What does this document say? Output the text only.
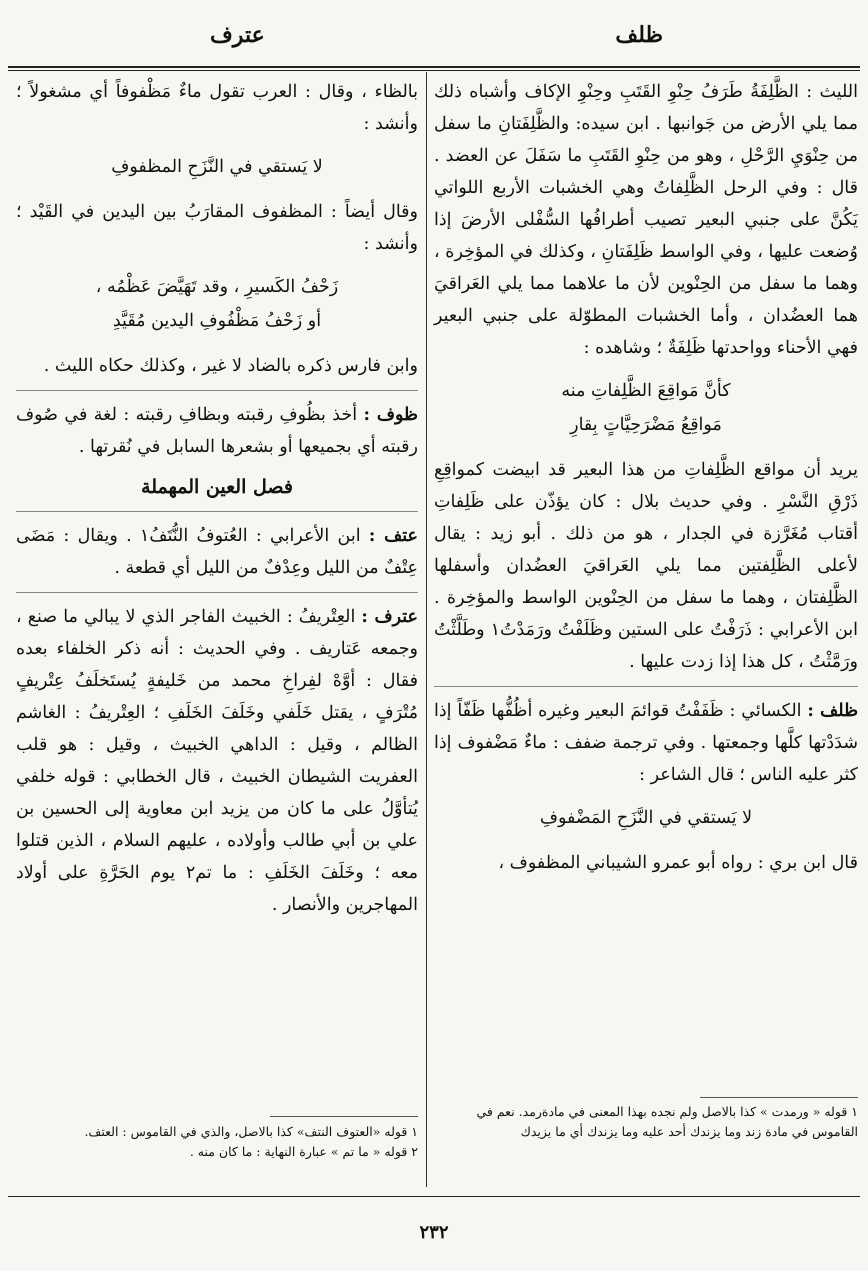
ظلف
عترف

الليث : الظَّلِفَةُ طَرَفُ حِنْوِ القَتَبِ وحِنْوِ الإكاف وأشباه ذلك مما يلي الأرض من جَوانبها . ابن سيده: والظَّلِفَتانِ ما سفل من حِنْوَيِ الرَّحْلِ ، وهو من حِنْوِ القَتَبِ ما سَفَلَ عن العضد . قال : وفي الرحل الظَّلِفاتُ وهي الخشبات الأربع اللواتي يَكُنَّ على جنبي البعير تصيب أطرافُها السُّفْلى الأرضَ إذا وُضعت عليها ، وفي الواسط ظَلِفَتانِ ، وكذلك في المؤخِرة ، وهما ما سفل من الحِنْوين لأن ما علاهما مما يلي العَراقيَ هما العضُدان ، وأما الخشبات المطوّلة على جنبي البعير فهي الأحناء وواحدتها ظَلِفَةٌ ؛ وشاهده :

كأنَّ مَواقِعَ الظَّلِفاتِ منه
مَواقِعُ مَضْرَحِيَّاتٍ بِقارِ

يريد أن مواقع الظَّلِفاتِ من هذا البعير قد ابيضت كمواقِعِ ذَرْقِ النَّسْرِ . وفي حديث بلال : كان يؤذّن على ظَلِفاتِ أقتاب مُغَرَّزة في الجدار ، هو من ذلك . أبو زيد : يقال لأعلى الظَّلِفتين مما يلي العَراقيَ العضُدان وأسفلها الظَّلِفتان ، وهما ما سفل من الحِنْوين الواسط والمؤخِرة . ابن الأعرابي : ذَرَفْتُ على الستين وظَلَفْتُ ورَمَدْتُ١ وطَلَّثْتُ ورَمَّثْتُ ، كل هذا إذا زدت عليها .

ظلف : الكسائي : ظَفَفْتُ قوائمَ البعير وغيره أظُفُّها ظَفّاً إذا شدَدْتها كلَّها وجمعتها . وفي ترجمة ضفف : ماءٌ مَضْفوف إذا كثر عليه الناس ؛ قال الشاعر :

لا يَستقي في النَّزَحِ المَضْفوفِ

قال ابن بري : رواه أبو عمرو الشيباني المظفوف ،

١ قوله « ورمدت » كذا بالاصل ولم نجده بهذا المعنى في مادةرمد. نعم في القاموس في مادة زند وما يزندك أحد عليه وما يزندك أي ما يزيدك

بالظاء ، وقال : العرب تقول ماءٌ مَظْفوفاً أي مشغولاً ؛ وأنشد :

لا يَستقي في النَّزَحِ المظفوفِ

وقال أيضاً : المظفوف المقارَبُ بين اليدين في القَيْد ؛ وأنشد :

زَحْفُ الكَسيرِ ، وقد تَهَيَّضَ عَظْمُه ،
أو زَحْفُ مَظْفُوفِ اليدين مُقَيَّدِ

وابن فارس ذكره بالضاد لا غير ، وكذلك حكاه الليث .

ظوف : أخذ بظُوفِ رقبته وبظافِ رقبته : لغة في صُوف رقبته أي بجميعها أو بشعرها السابل في نُقرتها .

فصل العين المهملة

عتف : ابن الأعرابي : العُتوفُ النُّتَفُ١ . ويقال : مَضَى عِتْفٌ من الليل وعِدْفٌ من الليل أي قطعة .

عترف : العِتْريفُ : الخبيث الفاجر الذي لا يبالي ما صنع ، وجمعه عَتاريف . وفي الحديث : أنه ذكر الخلفاء بعده فقال : أوَّهْ لفِراخِ محمد من خَليفةٍ يُستَخلَفُ عِتْريفٍ مُتْرَفٍ ، يقتل خَلَفي وخَلَفَ الخَلَفِ ؛ العِتْريفُ : الغاشم الظالم ، وقيل : الداهي الخبيث ، وقيل : هو قلب العفريت الشيطان الخبيث ، قال الخطابي : قوله خلفي يُتأوَّلُ على ما كان من يزيد ابن معاوية إلى الحسين بن علي بن أبي طالب وأولاده ، عليهم السلام ، الذين قتلوا معه ؛ وخَلَفَ الخَلَفِ : ما تم٢ يوم الحَرَّةِ على أولاد المهاجرين والأنصار .

١ قوله «العتوف النتف» كذا بالاصل، والذي في القاموس : العتف.
٢ قوله « ما تم » عبارة النهاية : ما كان منه .
٢٣٢
